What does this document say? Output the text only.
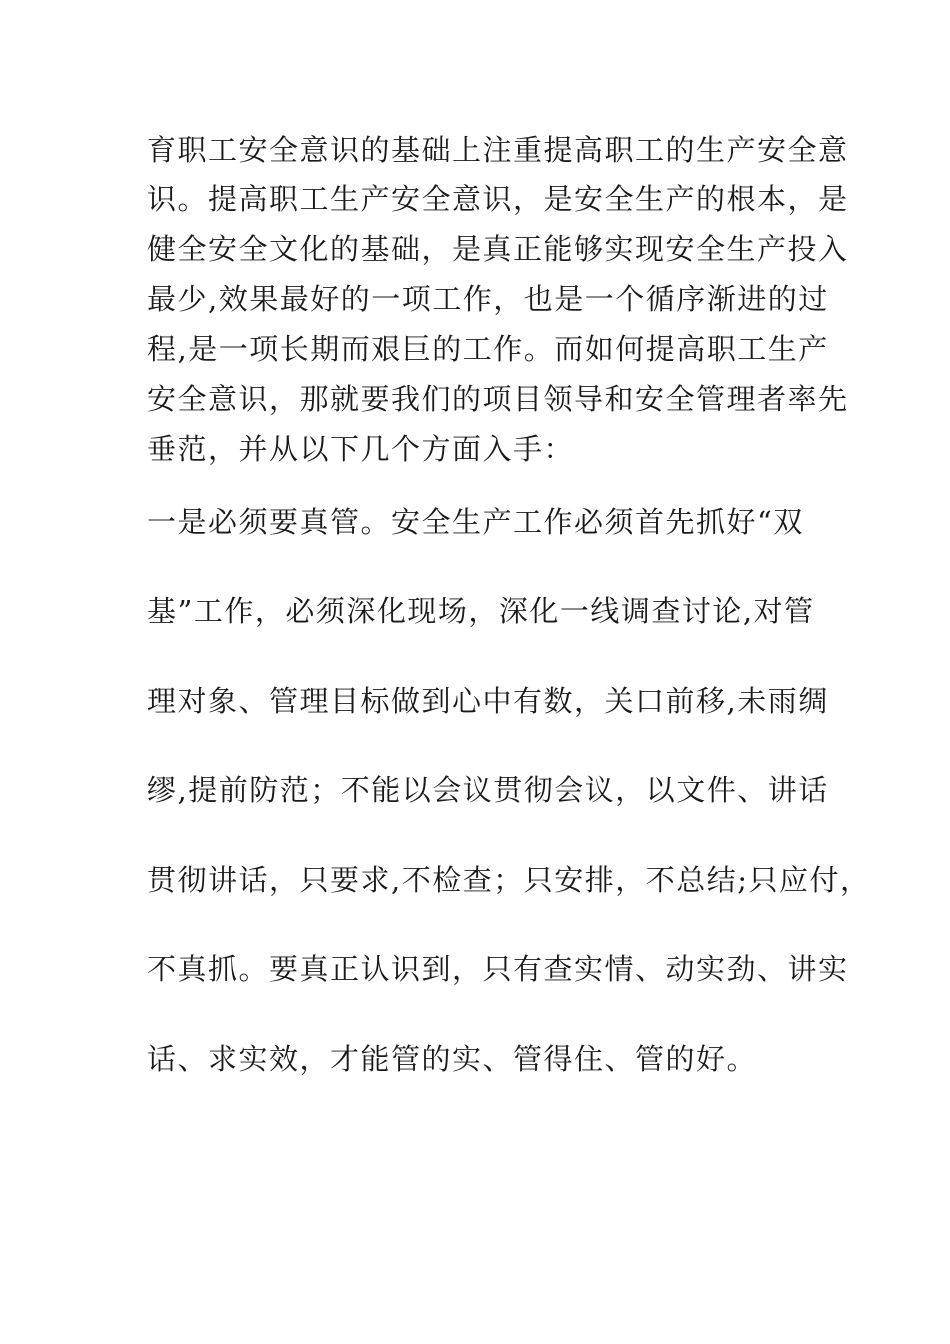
育职工安全意识的基础上注重提高职工的生产安全意
识。提高职工生产安全意识，是安全生产的根本，是
健全安全文化的基础，是真正能够实现安全生产投入
最少,效果最好的一项工作，也是一个循序渐进的过
程,是一项长期而艰巨的工作。而如何提高职工生产
安全意识，那就要我们的项目领导和安全管理者率先
垂范，并从以下几个方面入手：
一是必须要真管。安全生产工作必须首先抓好“双
基”工作，必须深化现场，深化一线调查讨论,对管
理对象、管理目标做到心中有数，关口前移,未雨绸
缪,提前防范；不能以会议贯彻会议，以文件、讲话
贯彻讲话，只要求,不检查；只安排，不总结;只应付，
不真抓。要真正认识到，只有查实情、动实劲、讲实
话、求实效，才能管的实、管得住、管的好。
